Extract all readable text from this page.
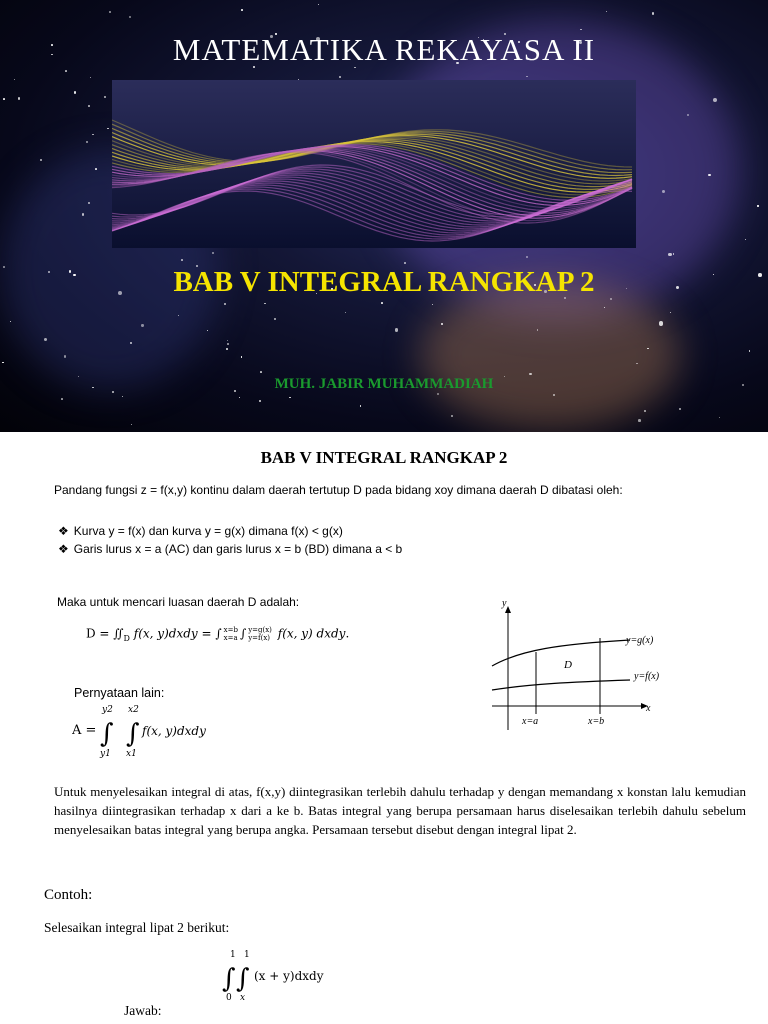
MATEMATIKA REKAYASA II
BAB V INTEGRAL RANGKAP 2
MUH. JABIR MUHAMMADIAH
BAB V INTEGRAL RANGKAP 2
Pandang fungsi z = f(x,y) kontinu dalam daerah tertutup D pada bidang xoy dimana daerah D dibatasi oleh:
❖ Kurva y = f(x) dan kurva y = g(x) dimana f(x) < g(x)
❖ Garis lurus x = a (AC) dan garis lurus x = b (BD) dimana a < b
Maka untuk mencari luasan daerah D adalah:
$D = ∬_D$ f(x, y)dxdy = ∫ x=b
x=a ∫ y=g(x)
y=f(x) f(x, y) dxdy.
y
x
y=g(x)
y=f(x)
D
x=a	x=b
Pernyataan lain:
A = ∫ ∫
y2
y1
x2
x1
f(x, y)dxdy
Untuk menyelesaikan integral di atas, f(x,y) diintegrasikan terlebih dahulu terhadap y dengan memandang x konstan lalu kemudian hasilnya diintegrasikan terhadap x dari a ke b. Batas integral yang berupa persamaan harus diselesaikan terlebih dahulu sebelum menyelesaikan batas integral yang berupa angka. Persamaan tersebut disebut dengan integral lipat 2.
Contoh:
Selesaikan integral lipat 2 berikut:
∫ ∫
1
0
1
x
(x + y)dxdy
Jawab:
